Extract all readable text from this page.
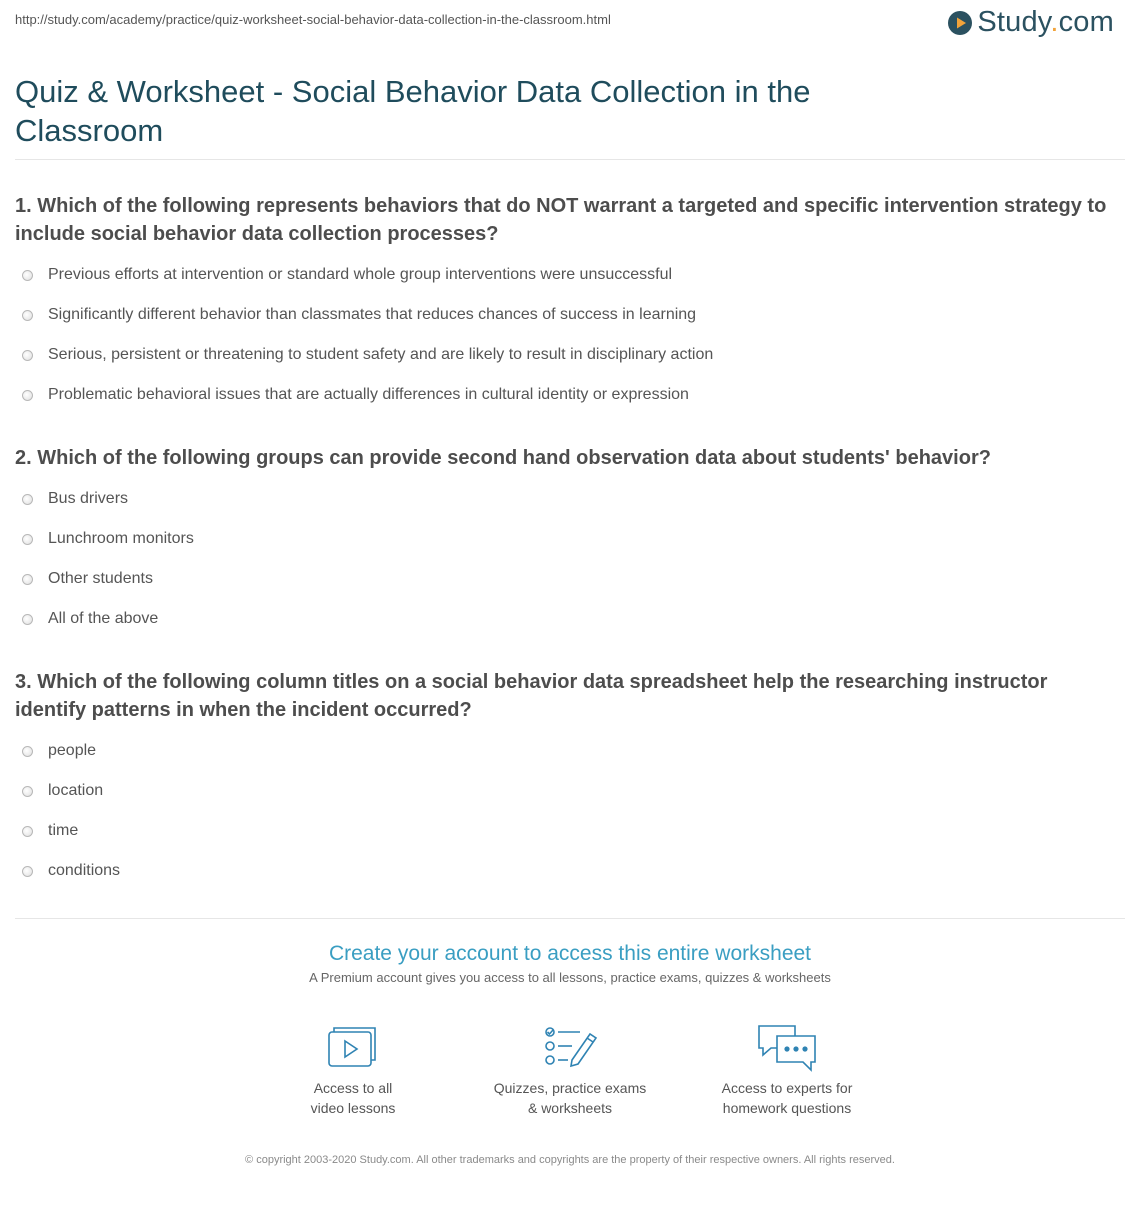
http://study.com/academy/practice/quiz-worksheet-social-behavior-data-collection-in-the-classroom.html	Study.com
Quiz & Worksheet - Social Behavior Data Collection in the Classroom

1. Which of the following represents behaviors that do NOT warrant a targeted and specific intervention strategy to include social behavior data collection processes?

Previous efforts at intervention or standard whole group interventions were unsuccessful
Significantly different behavior than classmates that reduces chances of success in learning
Serious, persistent or threatening to student safety and are likely to result in disciplinary action
Problematic behavioral issues that are actually differences in cultural identity or expression

2. Which of the following groups can provide second hand observation data about students' behavior?

Bus drivers
Lunchroom monitors
Other students
All of the above

3. Which of the following column titles on a social behavior data spreadsheet help the researching instructor identify patterns in when the incident occurred?

people
location
time
conditions
Create your account to access this entire worksheet
A Premium account gives you access to all lessons, practice exams, quizzes & worksheets
Access to all
video lessons
Quizzes, practice exams
& worksheets
Access to experts for
homework questions
© copyright 2003-2020 Study.com. All other trademarks and copyrights are the property of their respective owners. All rights reserved.
